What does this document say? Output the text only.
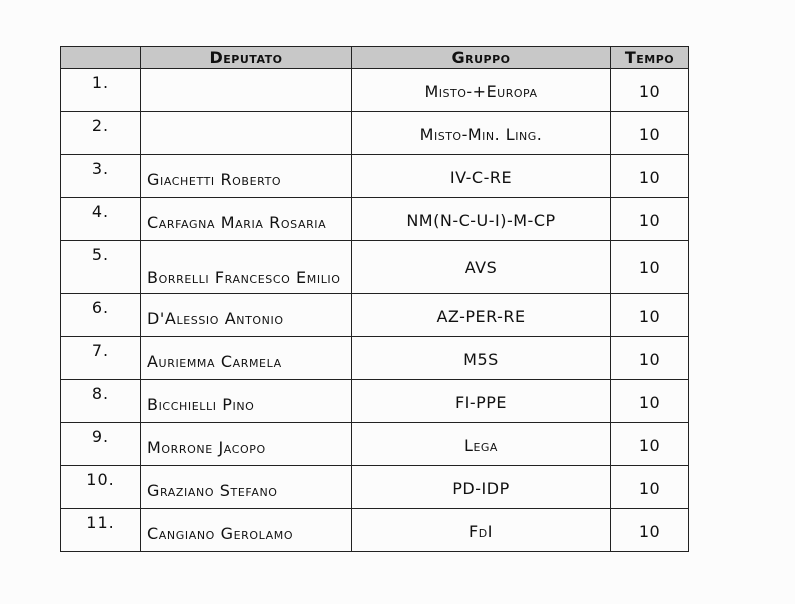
	Deputato	Gruppo	Tempo
1.		Misto-+Europa	10
2.		Misto-Min. Ling.	10
3.	Giachetti Roberto	IV-C-RE	10
4.	Carfagna Maria Rosaria	NM(N-C-U-I)-M-CP	10
5.	Borrelli Francesco Emilio	AVS	10
6.	D'Alessio Antonio	AZ-PER-RE	10
7.	Auriemma Carmela	M5S	10
8.	Bicchielli Pino	FI-PPE	10
9.	Morrone Jacopo	Lega	10
10.	Graziano Stefano	PD-IDP	10
11.	Cangiano Gerolamo	FdI	10
